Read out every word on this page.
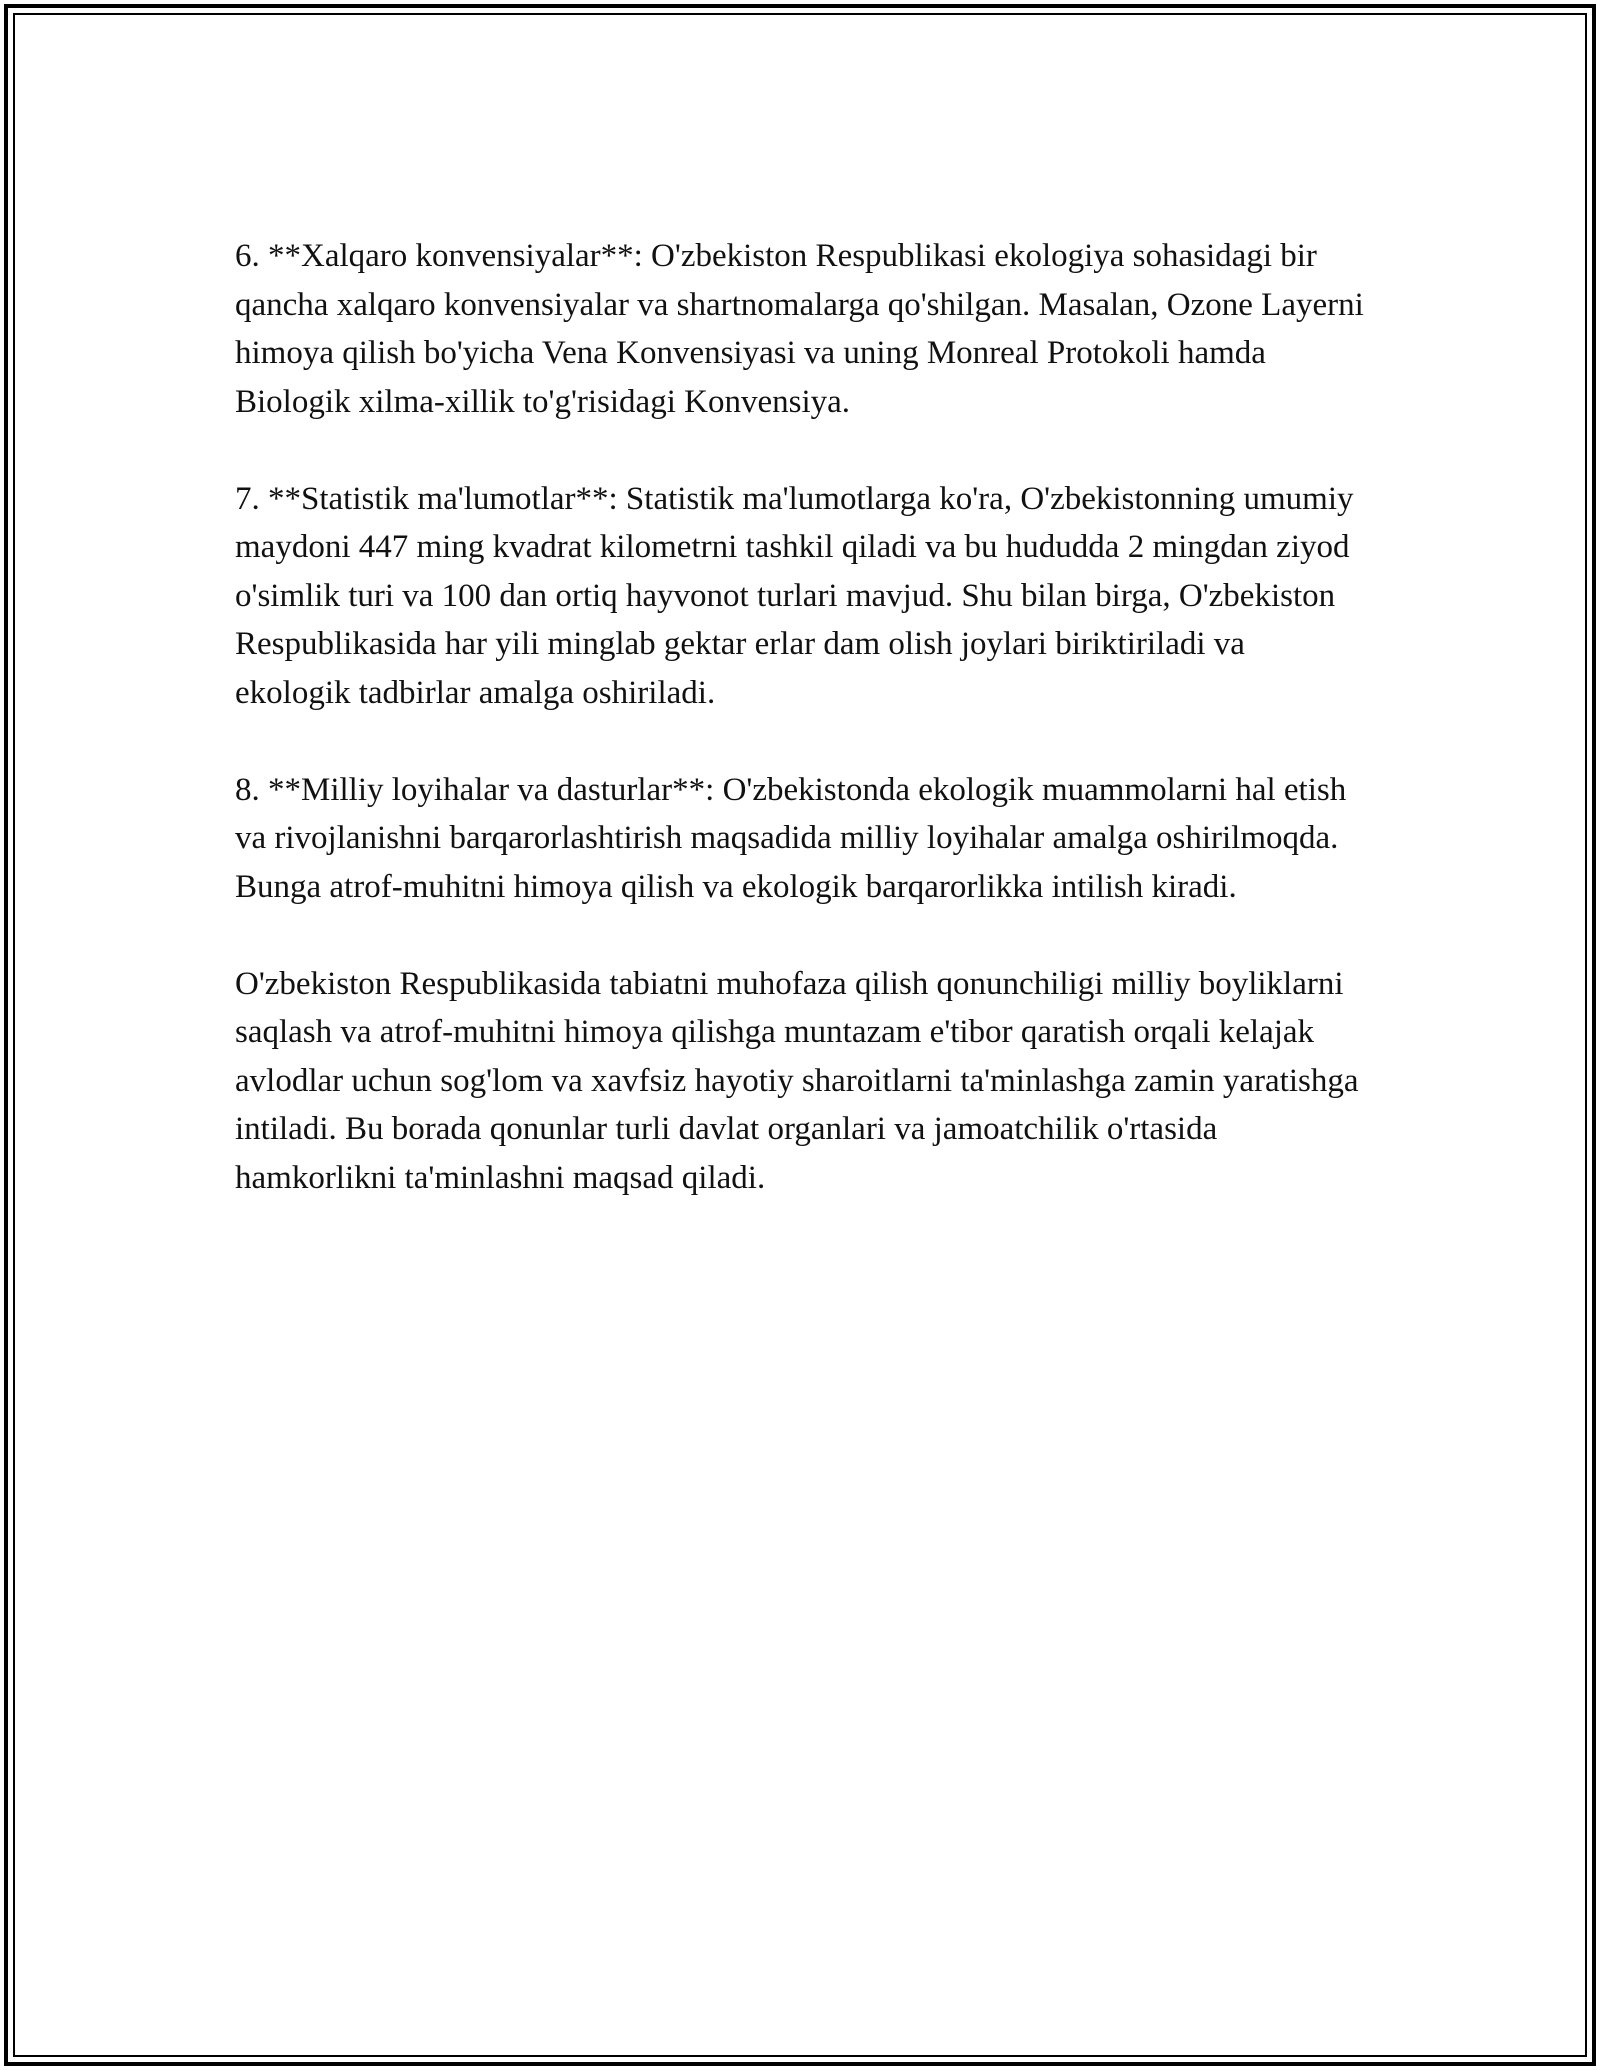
6. **Xalqaro konvensiyalar**: O'zbekiston Respublikasi ekologiya sohasidagi bir qancha xalqaro konvensiyalar va shartnomalarga qo'shilgan. Masalan, Ozone Layerni himoya qilish bo'yicha Vena Konvensiyasi va uning Monreal Protokoli hamda Biologik xilma-xillik to'g'risidagi Konvensiya.

7. **Statistik ma'lumotlar**: Statistik ma'lumotlarga ko'ra, O'zbekistonning umumiy maydoni 447 ming kvadrat kilometrni tashkil qiladi va bu hududda 2 mingdan ziyod o'simlik turi va 100 dan ortiq hayvonot turlari mavjud. Shu bilan birga, O'zbekiston Respublikasida har yili minglab gektar erlar dam olish joylari biriktiriladi va ekologik tadbirlar amalga oshiriladi.

8. **Milliy loyihalar va dasturlar**: O'zbekistonda ekologik muammolarni hal etish va rivojlanishni barqarorlashtirish maqsadida milliy loyihalar amalga oshirilmoqda. Bunga atrof-muhitni himoya qilish va ekologik barqarorlikka intilish kiradi.

O'zbekiston Respublikasida tabiatni muhofaza qilish qonunchiligi milliy boyliklarni saqlash va atrof-muhitni himoya qilishga muntazam e'tibor qaratish orqali kelajak avlodlar uchun sog'lom va xavfsiz hayotiy sharoitlarni ta'minlashga zamin yaratishga intiladi. Bu borada qonunlar turli davlat organlari va jamoatchilik o'rtasida hamkorlikni ta'minlashni maqsad qiladi.
